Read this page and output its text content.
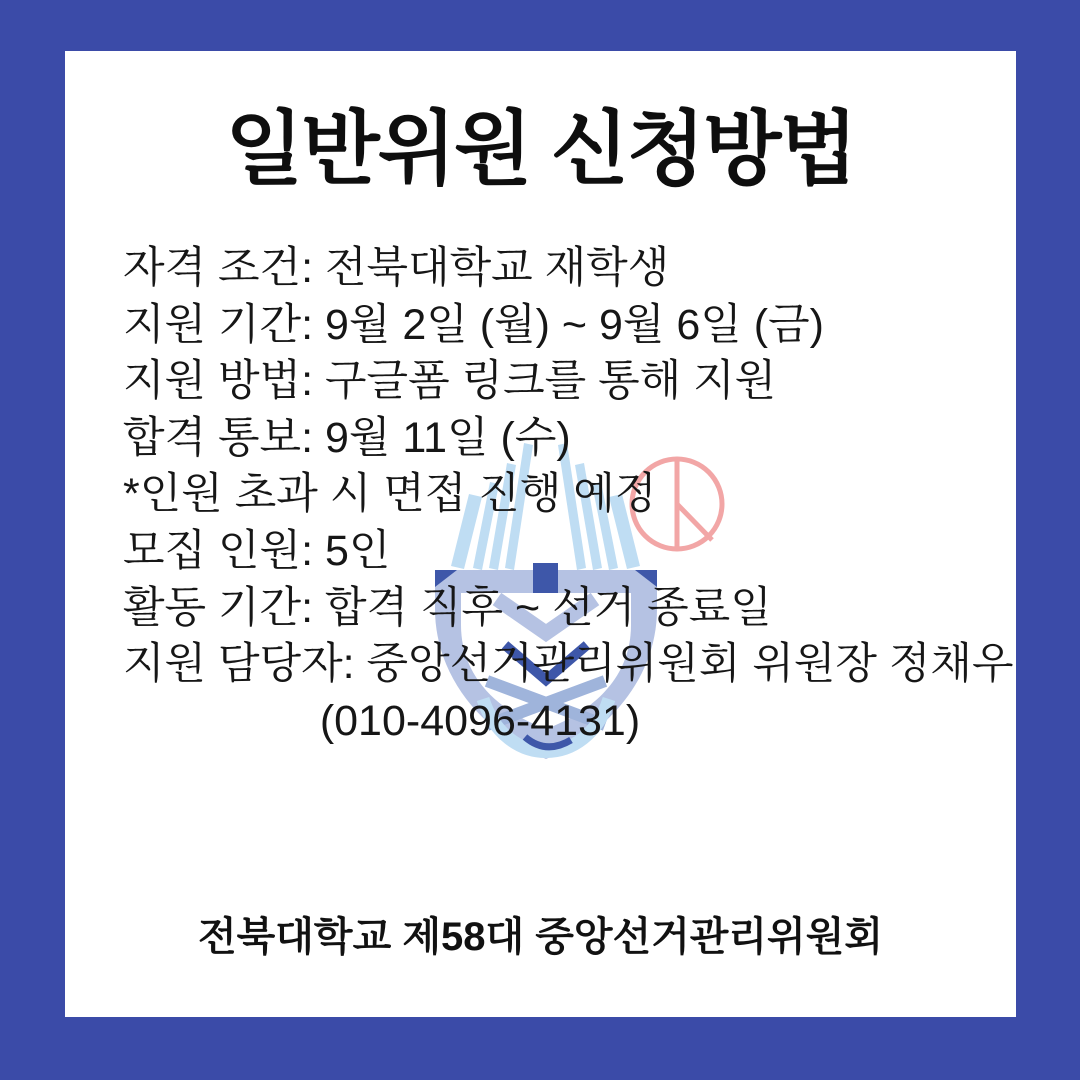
일반위원 신청방법
자격 조건: 전북대학교 재학생
지원 기간: 9월 2일 (월) ~ 9월 6일 (금)
지원 방법: 구글폼 링크를 통해 지원
합격 통보: 9월 11일 (수)
*인원 초과 시 면접 진행 예정
모집 인원: 5인
활동 기간: 합격 직후 ~ 선거 종료일
지원 담당자: 중앙선거관리위원회 위원장 정채우
(010-4096-4131)
전북대학교 제58대 중앙선거관리위원회
